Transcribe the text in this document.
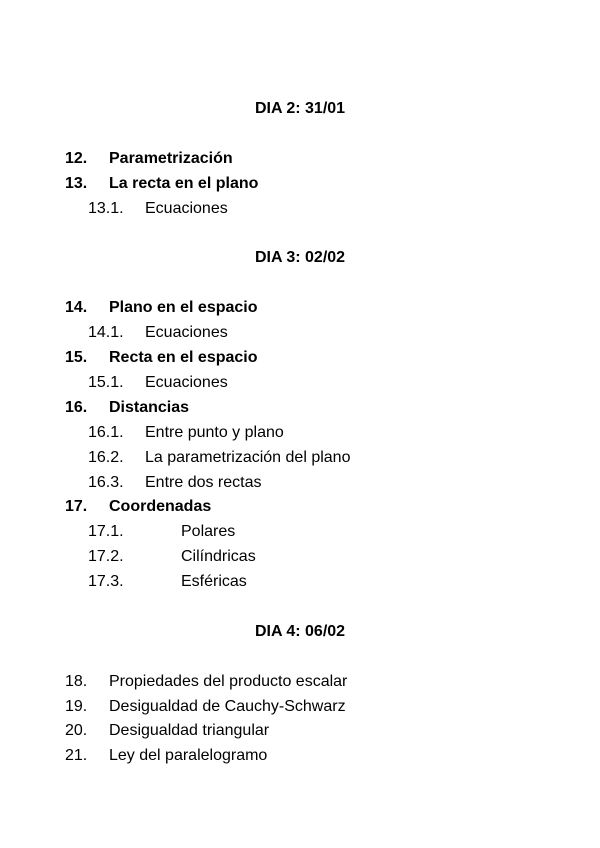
DIA 2: 31/01
12. Parametrización
13. La recta en el plano
13.1. Ecuaciones
DIA 3: 02/02
14. Plano en el espacio
14.1. Ecuaciones
15. Recta en el espacio
15.1. Ecuaciones
16. Distancias
16.1. Entre punto y plano
16.2. La parametrización del plano
16.3. Entre dos rectas
17. Coordenadas
17.1.	Polares
17.2.	Cilíndricas
17.3.	Esféricas
DIA 4: 06/02
18. Propiedades del producto escalar
19. Desigualdad de Cauchy-Schwarz
20. Desigualdad triangular
21. Ley del paralelogramo
